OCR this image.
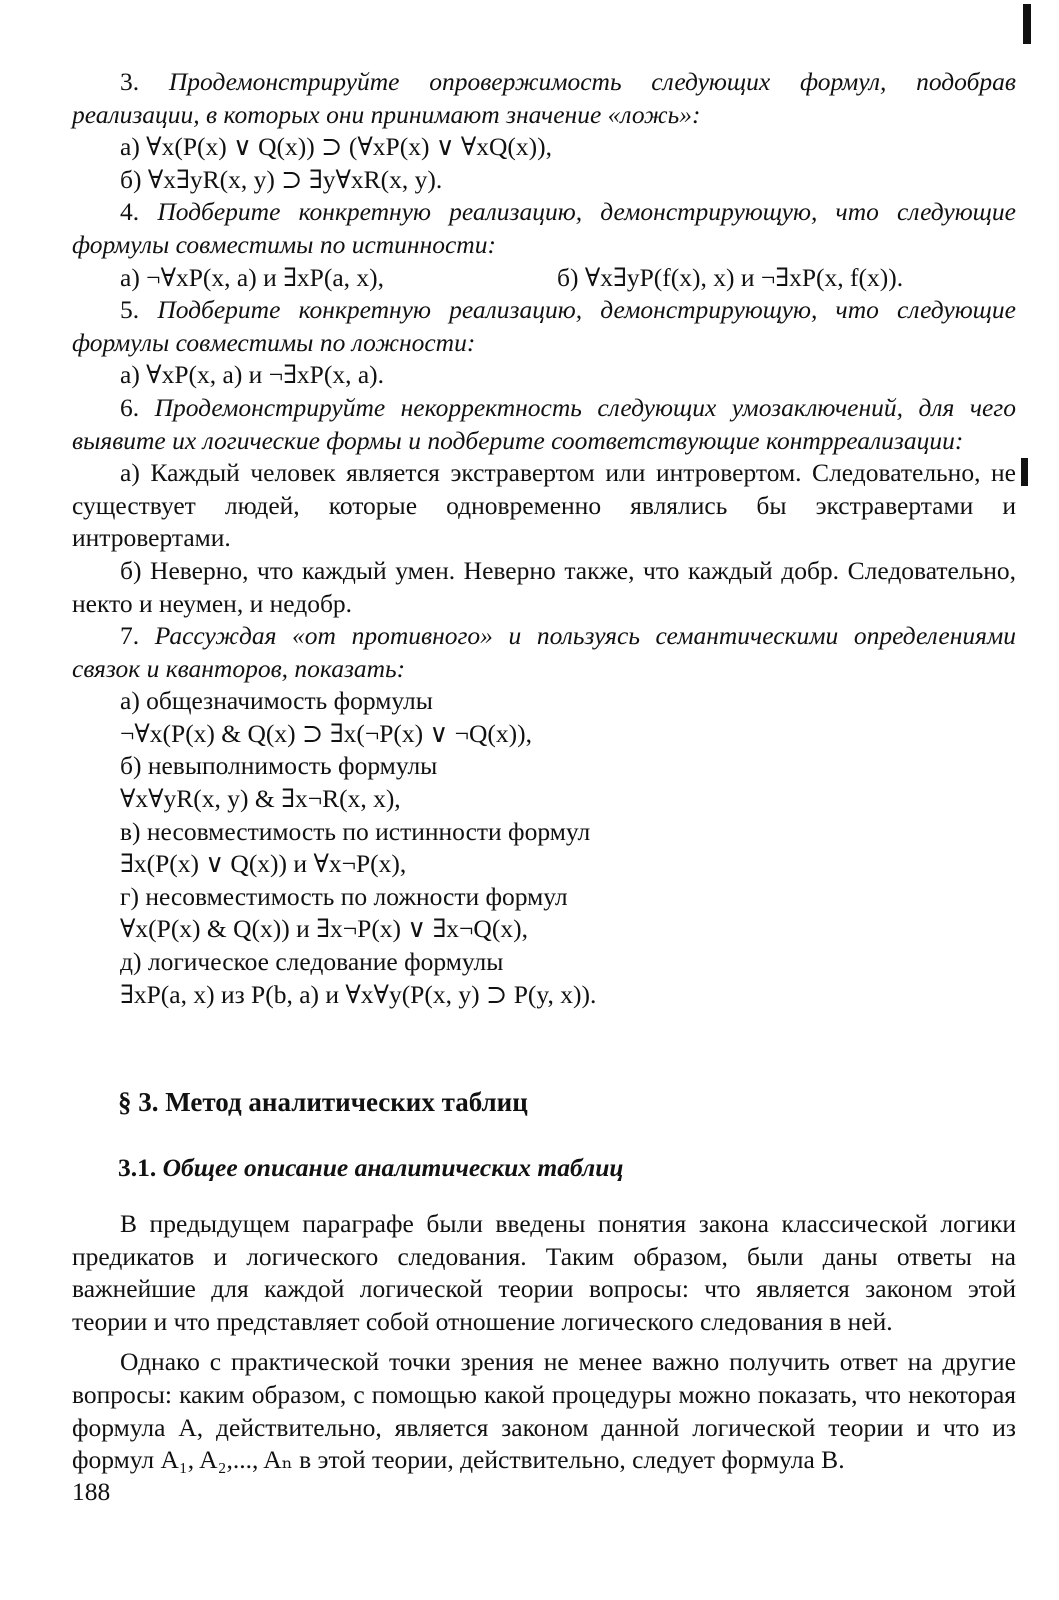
3. Продемонстрируйте опровержимость следующих формул, подобрав реализации, в которых они принимают значение «ложь»:

а) ∀x(P(x) ∨ Q(x)) ⊃ (∀xP(x) ∨ ∀xQ(x)),

б) ∀x∃yR(x, y) ⊃ ∃y∀xR(x, y).

4. Подберите конкретную реализацию, демонстрирующую, что следующие формулы совместимы по истинности:

а) ¬∀xP(x, a) и ∃xP(a, x),	б) ∀x∃yP(f(x), x) и ¬∃xP(x, f(x)).

5. Подберите конкретную реализацию, демонстрирующую, что следующие формулы совместимы по ложности:

а) ∀xP(x, a) и ¬∃xP(x, a).

6. Продемонстрируйте некорректность следующих умозаключений, для чего выявите их логические формы и подберите соответствующие контрреализации:

а) Каждый человек является экстравертом или интровертом. Следовательно, не существует людей, которые одновременно являлись бы экстравертами и интровертами.

б) Неверно, что каждый умен. Неверно также, что каждый добр. Следовательно, некто и неумен, и недобр.

7. Рассуждая «от противного» и пользуясь семантическими определениями связок и кванторов, показать:

а) общезначимость формулы

¬∀x(P(x) & Q(x) ⊃ ∃x(¬P(x) ∨ ¬Q(x)),

б) невыполнимость формулы

∀x∀yR(x, y) & ∃x¬R(x, x),

в) несовместимость по истинности формул

∃x(P(x) ∨ Q(x)) и ∀x¬P(x),

г) несовместимость по ложности формул

∀x(P(x) & Q(x)) и ∃x¬P(x) ∨ ∃x¬Q(x),

д) логическое следование формулы

∃xP(a, x) из P(b, a) и ∀x∀y(P(x, y) ⊃ P(y, x)).

§ 3. Метод аналитических таблиц
3.1. Общее описание аналитических таблиц

В предыдущем параграфе были введены понятия закона классической логики предикатов и логического следования. Таким образом, были даны ответы на важнейшие для каждой логической теории вопросы: что является законом этой теории и что представляет собой отношение логического следования в ней.

Однако с практической точки зрения не менее важно получить ответ на другие вопросы: каким образом, с помощью какой процедуры можно показать, что некоторая формула A, действительно, является законом данной логической теории и что из формул A₁, A₂,..., Aₙ в этой теории, действительно, следует формула B.

188
